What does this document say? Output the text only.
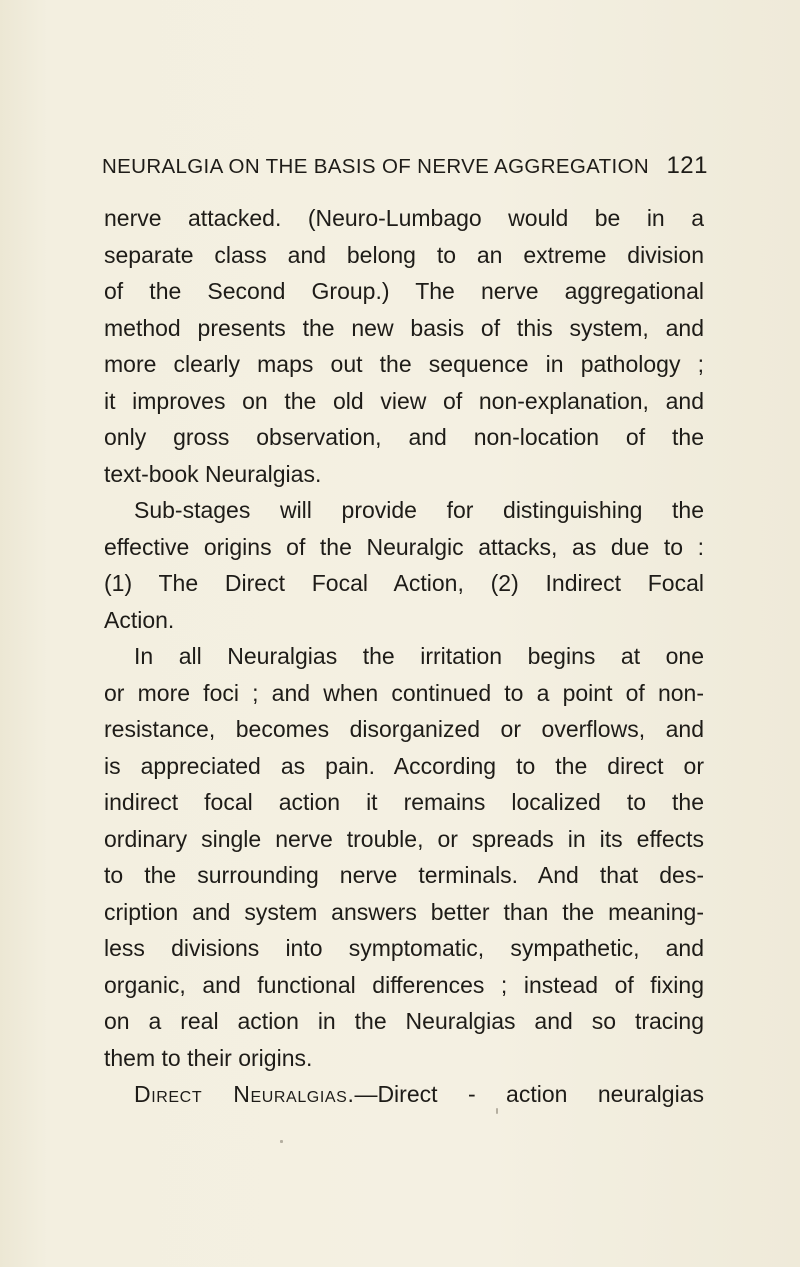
NEURALGIA ON THE BASIS OF NERVE AGGREGATION 121
nerve attacked. (Neuro-Lumbago would be in a
separate class and belong to an extreme division
of the Second Group.) The nerve aggregational
method presents the new basis of this system, and
more clearly maps out the sequence in pathology ;
it improves on the old view of non-explanation, and
only gross observation, and non-location of the
text-book Neuralgias.
Sub-stages will provide for distinguishing the
effective origins of the Neuralgic attacks, as due to :
(1) The Direct Focal Action, (2) Indirect Focal
Action.
In all Neuralgias the irritation begins at one
or more foci ; and when continued to a point of non-
resistance, becomes disorganized or overflows, and
is appreciated as pain. According to the direct or
indirect focal action it remains localized to the
ordinary single nerve trouble, or spreads in its effects
to the surrounding nerve terminals. And that des-
cription and system answers better than the meaning-
less divisions into symptomatic, sympathetic, and
organic, and functional differences ; instead of fixing
on a real action in the Neuralgias and so tracing
them to their origins.
Direct Neuralgias.—Direct - action neuralgias
